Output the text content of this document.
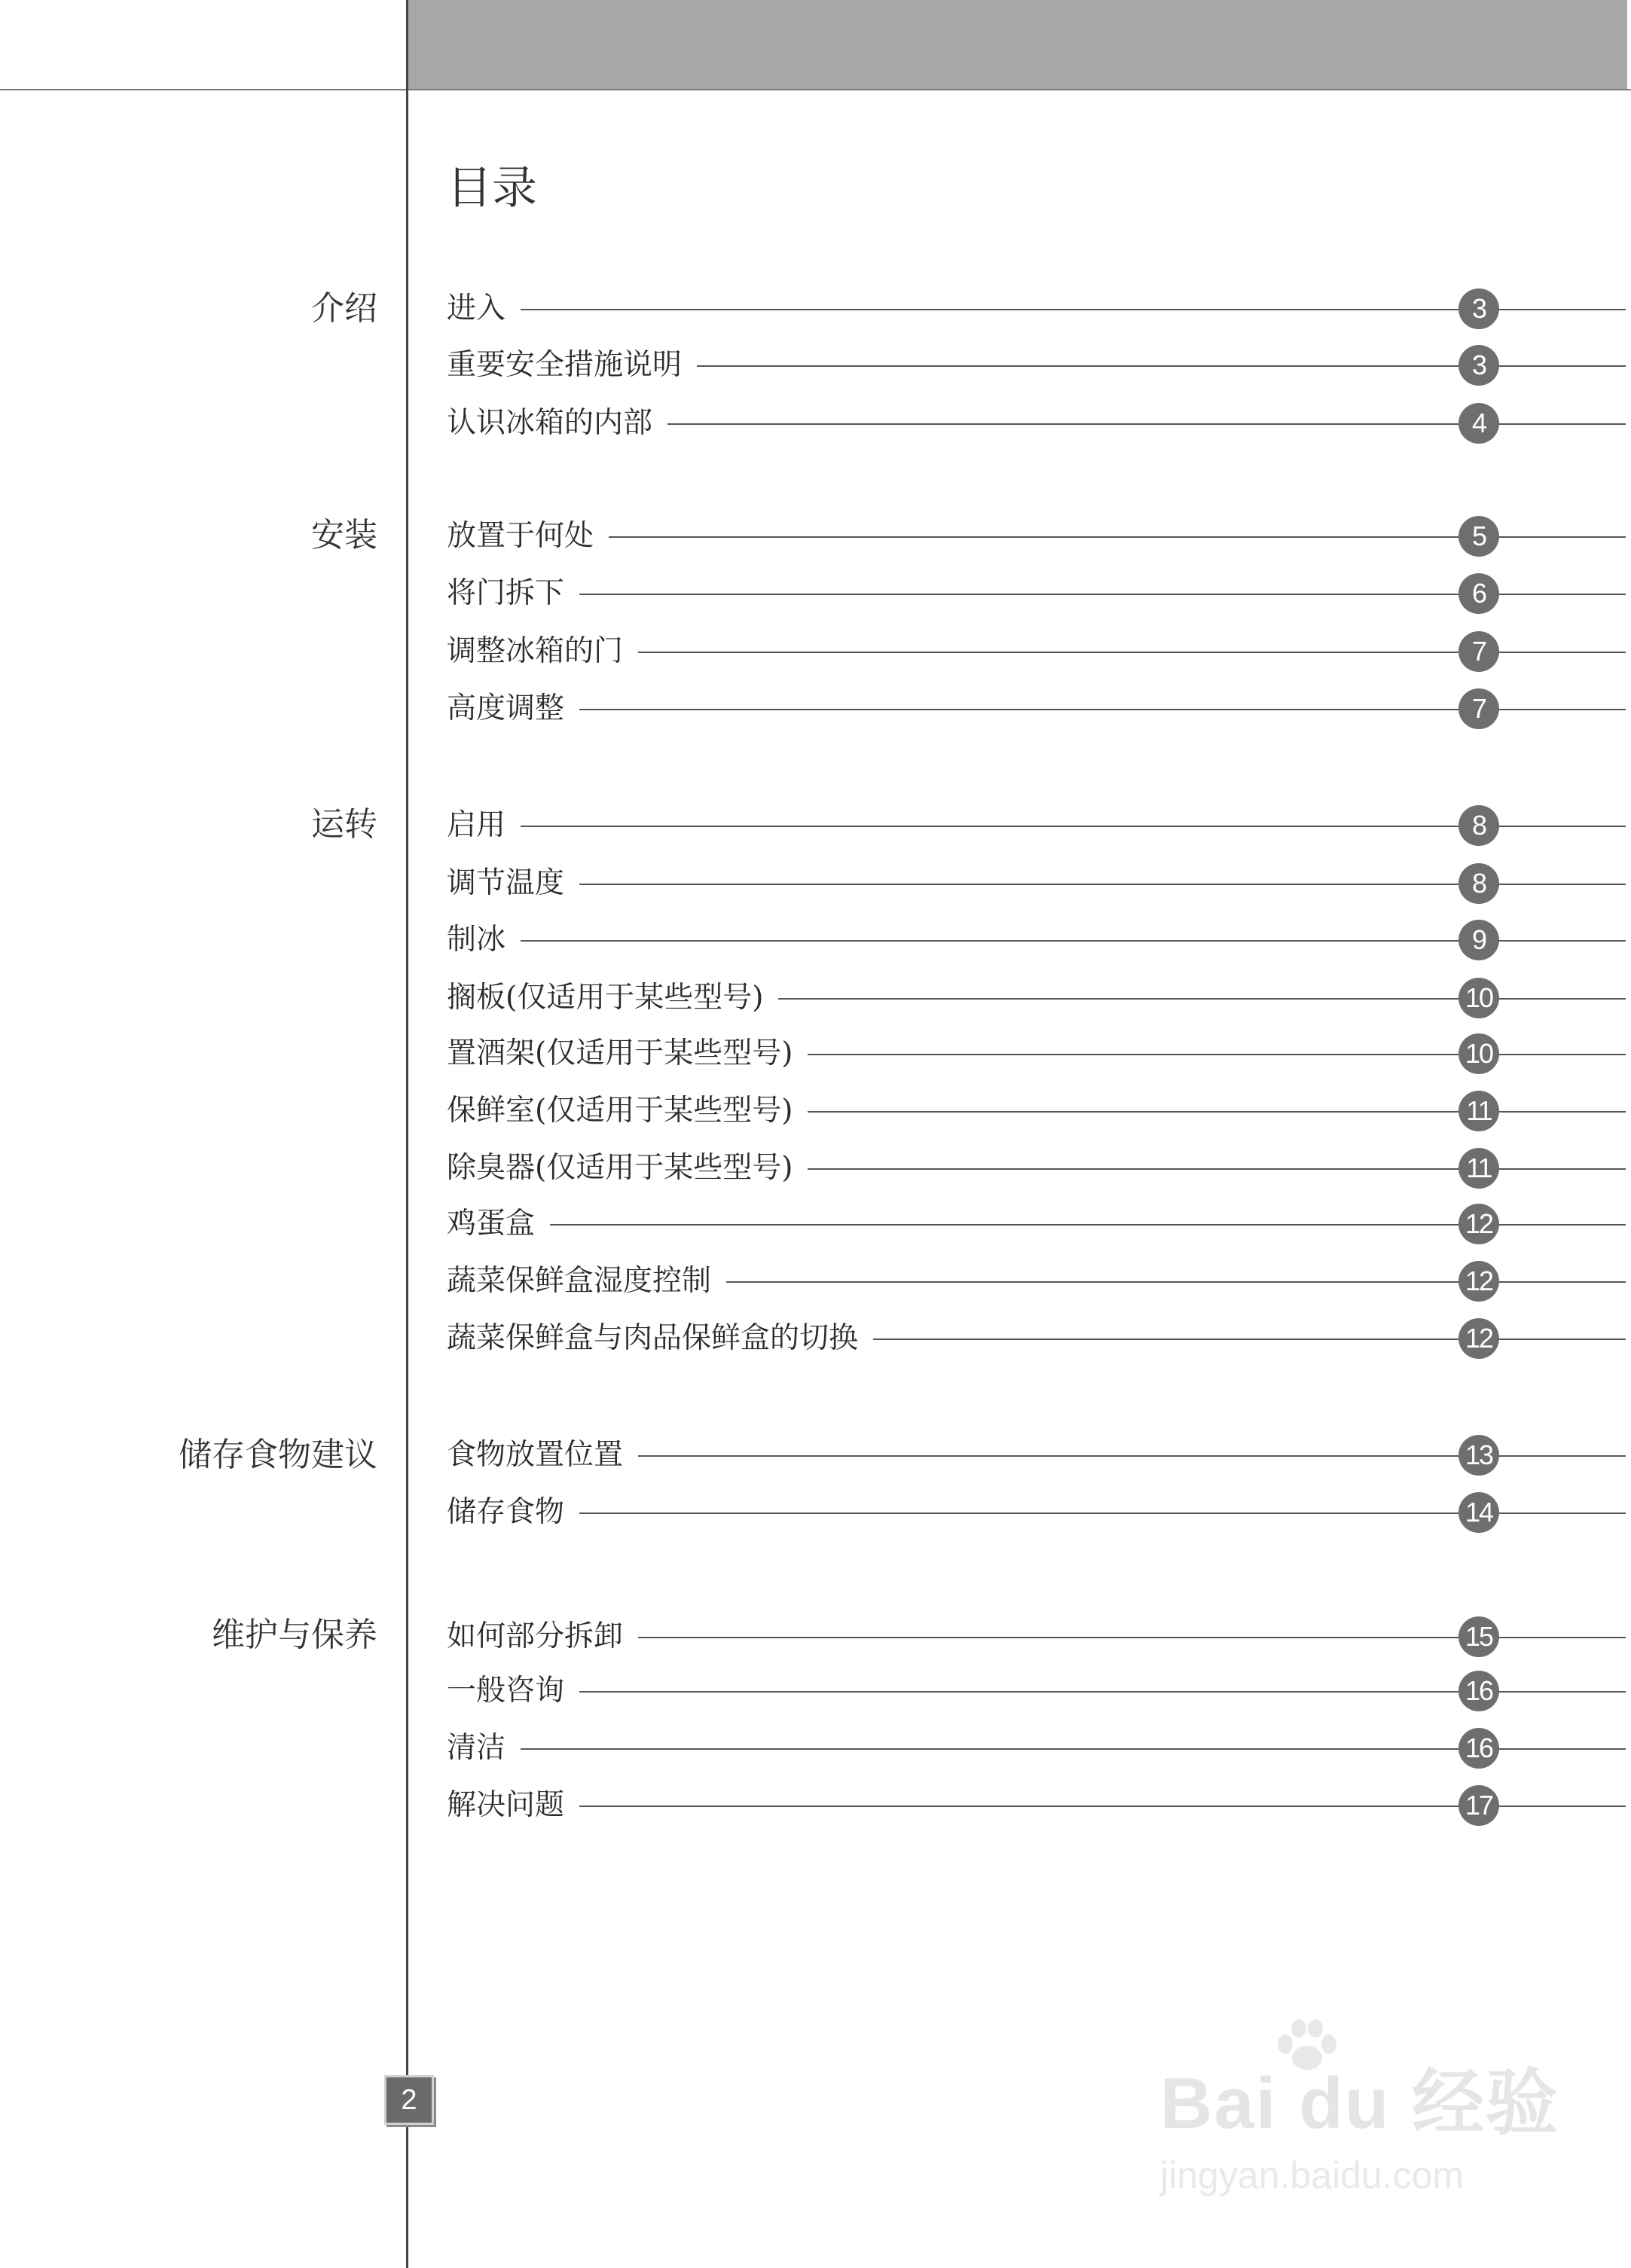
目录
介绍 进入	3
重要安全措施说明	3
认识冰箱的内部	4
安装 放置于何处	5
将门拆下	6
调整冰箱的门	7
高度调整	7
运转 启用	8
调节温度	8
制冰	9
搁板(仅适用于某些型号)	10
置酒架(仅适用于某些型号)	10
保鲜室(仅适用于某些型号)	11
除臭器(仅适用于某些型号)	11
鸡蛋盒	12
蔬菜保鲜盒湿度控制	12
蔬菜保鲜盒与肉品保鲜盒的切换	12
储存食物建议 食物放置位置	13
储存食物	14
维护与保养 如何部分拆卸	15
一般咨询	16
清洁	16
解决问题	17
2	Bai du 经验
jingyan.baidu.com
